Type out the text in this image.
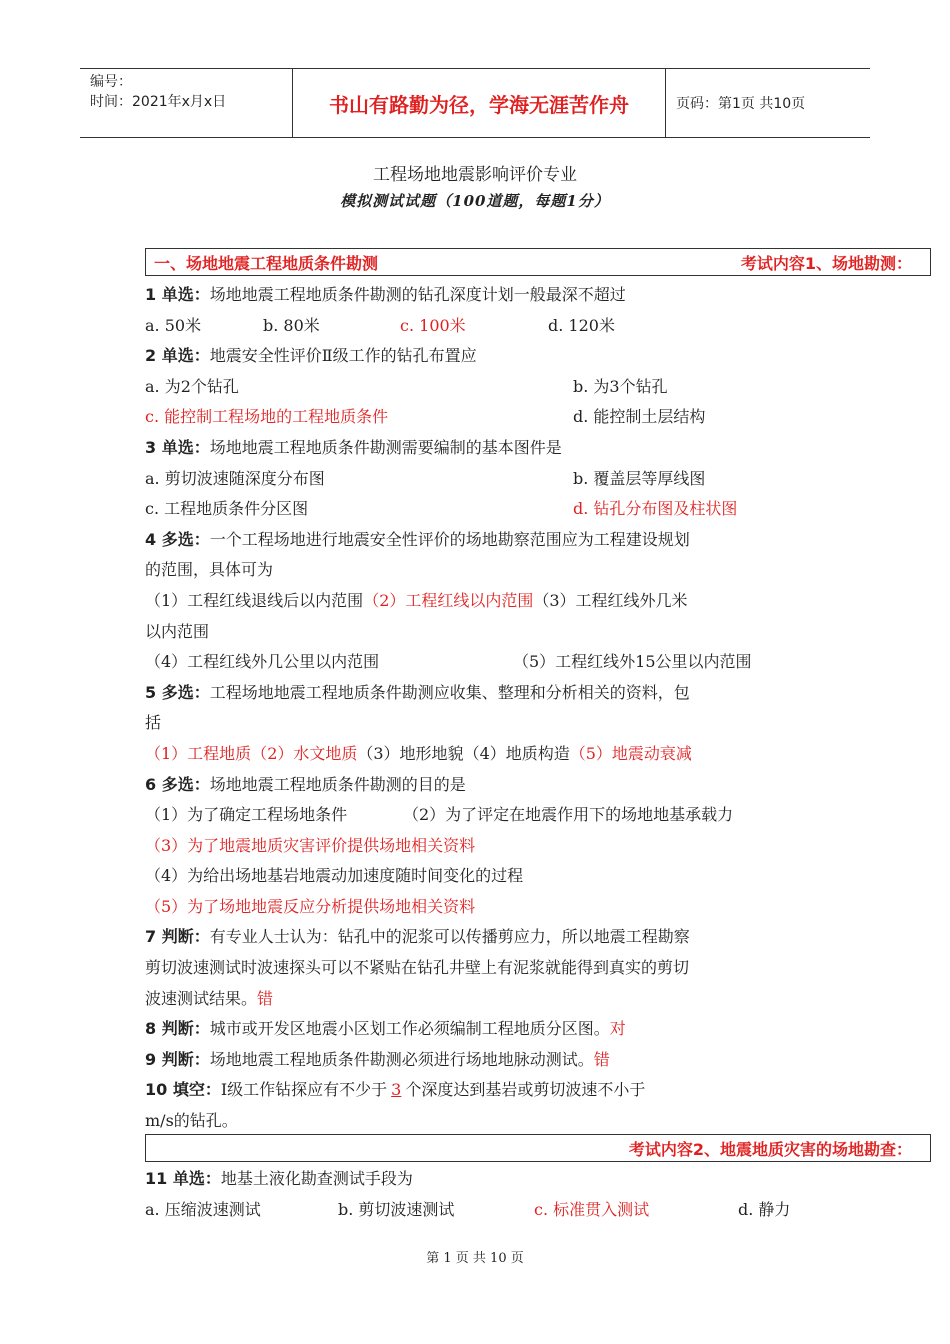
编号：
时间：2021年x月x日	书山有路勤为径，学海无涯苦作舟	页码：第1页 共10页
工程场地地震影响评价专业
模拟测试试题（100道题，每题1分）
一、场地地震工程地质条件勘测	考试内容1、场地勘测：
1 单选：场地地震工程地质条件勘测的钻孔深度计划一般最深不超过
a. 50米	b. 80米	c. 100米	d. 120米
2 单选：地震安全性评价Ⅱ级工作的钻孔布置应
a. 为2个钻孔	b. 为3个钻孔
c. 能控制工程场地的工程地质条件	d. 能控制土层结构
3 单选：场地地震工程地质条件勘测需要编制的基本图件是
a. 剪切波速随深度分布图	b. 覆盖层等厚线图
c. 工程地质条件分区图	d. 钻孔分布图及柱状图
4 多选：一个工程场地进行地震安全性评价的场地勘察范围应为工程建设规划
的范围，具体可为
（1）工程红线退线后以内范围（2）工程红线以内范围（3）工程红线外几米
以内范围
（4）工程红线外几公里以内范围	（5）工程红线外15公里以内范围
5 多选：工程场地地震工程地质条件勘测应收集、整理和分析相关的资料，包
括
（1）工程地质（2）水文地质（3）地形地貌（4）地质构造（5）地震动衰减
6 多选：场地地震工程地质条件勘测的目的是
（1）为了确定工程场地条件	（2）为了评定在地震作用下的场地地基承载力
（3）为了地震地质灾害评价提供场地相关资料
（4）为给出场地基岩地震动加速度随时间变化的过程
（5）为了场地地震反应分析提供场地相关资料
7 判断：有专业人士认为：钻孔中的泥浆可以传播剪应力，所以地震工程勘察
剪切波速测试时波速探头可以不紧贴在钻孔井壁上有泥浆就能得到真实的剪切
波速测试结果。错
8 判断：城市或开发区地震小区划工作必须编制工程地质分区图。对
9 判断：场地地震工程地质条件勘测必须进行场地地脉动测试。错
10 填空：Ⅰ级工作钻探应有不少于 3 个深度达到基岩或剪切波速不小于
m/s的钻孔。
考试内容2、地震地质灾害的场地勘查：
11 单选：地基土液化勘查测试手段为
a. 压缩波速测试	b. 剪切波速测试	c. 标准贯入测试	d. 静力
第 1 页 共 10 页
